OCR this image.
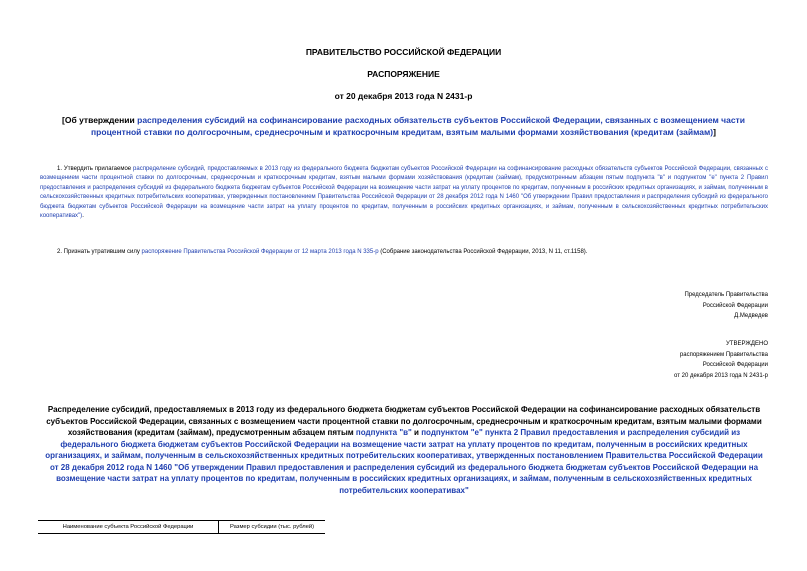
ПРАВИТЕЛЬСТВО РОССИЙСКОЙ ФЕДЕРАЦИИ
РАСПОРЯЖЕНИЕ
от 20 декабря 2013 года N 2431-р
[Об утверждении распределения субсидий на софинансирование расходных обязательств субъектов Российской Федерации, связанных с возмещением части процентной ставки по долгосрочным, среднесрочным и краткосрочным кредитам, взятым малыми формами хозяйствования (кредитам (займам)]
1. Утвердить прилагаемое распределение субсидий, предоставляемых в 2013 году из федерального бюджета бюджетам субъектов Российской Федерации на софинансирование расходных обязательств субъектов Российской Федерации, связанных с возмещением части процентной ставки по долгосрочным, среднесрочным и краткосрочным кредитам, взятым малыми формами хозяйствования (кредитам (займам), предусмотренным абзацем пятым подпункта "в" и подпунктом "е" пункта 2 Правил предоставления и распределения субсидий из федерального бюджета бюджетам субъектов Российской Федерации на возмещение части затрат на уплату процентов по кредитам, полученным в российских кредитных организациях, и займам, полученным в сельскохозяйственных кредитных потребительских кооперативах, утвержденных постановлением Правительства Российской Федерации от 28 декабря 2012 года N 1460 "Об утверждении Правил предоставления и распределения субсидий из федерального бюджета бюджетам субъектов Российской Федерации на возмещение части затрат на уплату процентов по кредитам, полученным в российских кредитных организациях, и займам, полученным в сельскохозяйственных кредитных потребительских кооперативах").
2. Признать утратившим силу распоряжение Правительства Российской Федерации от 12 марта 2013 года N 335-р (Собрание законодательства Российской Федерации, 2013, N 11, ст.1158).
Председатель Правительства
Российской Федерации
Д.Медведев
УТВЕРЖДЕНО
распоряжением Правительства
Российской Федерации
от 20 декабря 2013 года N 2431-р
Распределение субсидий, предоставляемых в 2013 году из федерального бюджета бюджетам субъектов Российской Федерации на софинансирование расходных обязательств субъектов Российской Федерации, связанных с возмещением части процентной ставки по долгосрочным, среднесрочным и краткосрочным кредитам, взятым малыми формами хозяйствования (кредитам (займам), предусмотренным абзацем пятым подпункта "в" и подпунктом "е" пункта 2 Правил предоставления и распределения субсидий из федерального бюджета бюджетам субъектов Российской Федерации на возмещение части затрат на уплату процентов по кредитам, полученным в российских кредитных организациях, и займам, полученным в сельскохозяйственных кредитных потребительских кооперативах, утвержденных постановлением Правительства Российской Федерации от 28 декабря 2012 года N 1460 "Об утверждении Правил предоставления и распределения субсидий из федерального бюджета бюджетам субъектов Российской Федерации на возмещение части затрат на уплату процентов по кредитам, полученным в российских кредитных организациях, и займам, полученным в сельскохозяйственных кредитных потребительских кооперативах"
Наименование субъекта Российской Федерации	Размер субсидии (тыс. рублей)
